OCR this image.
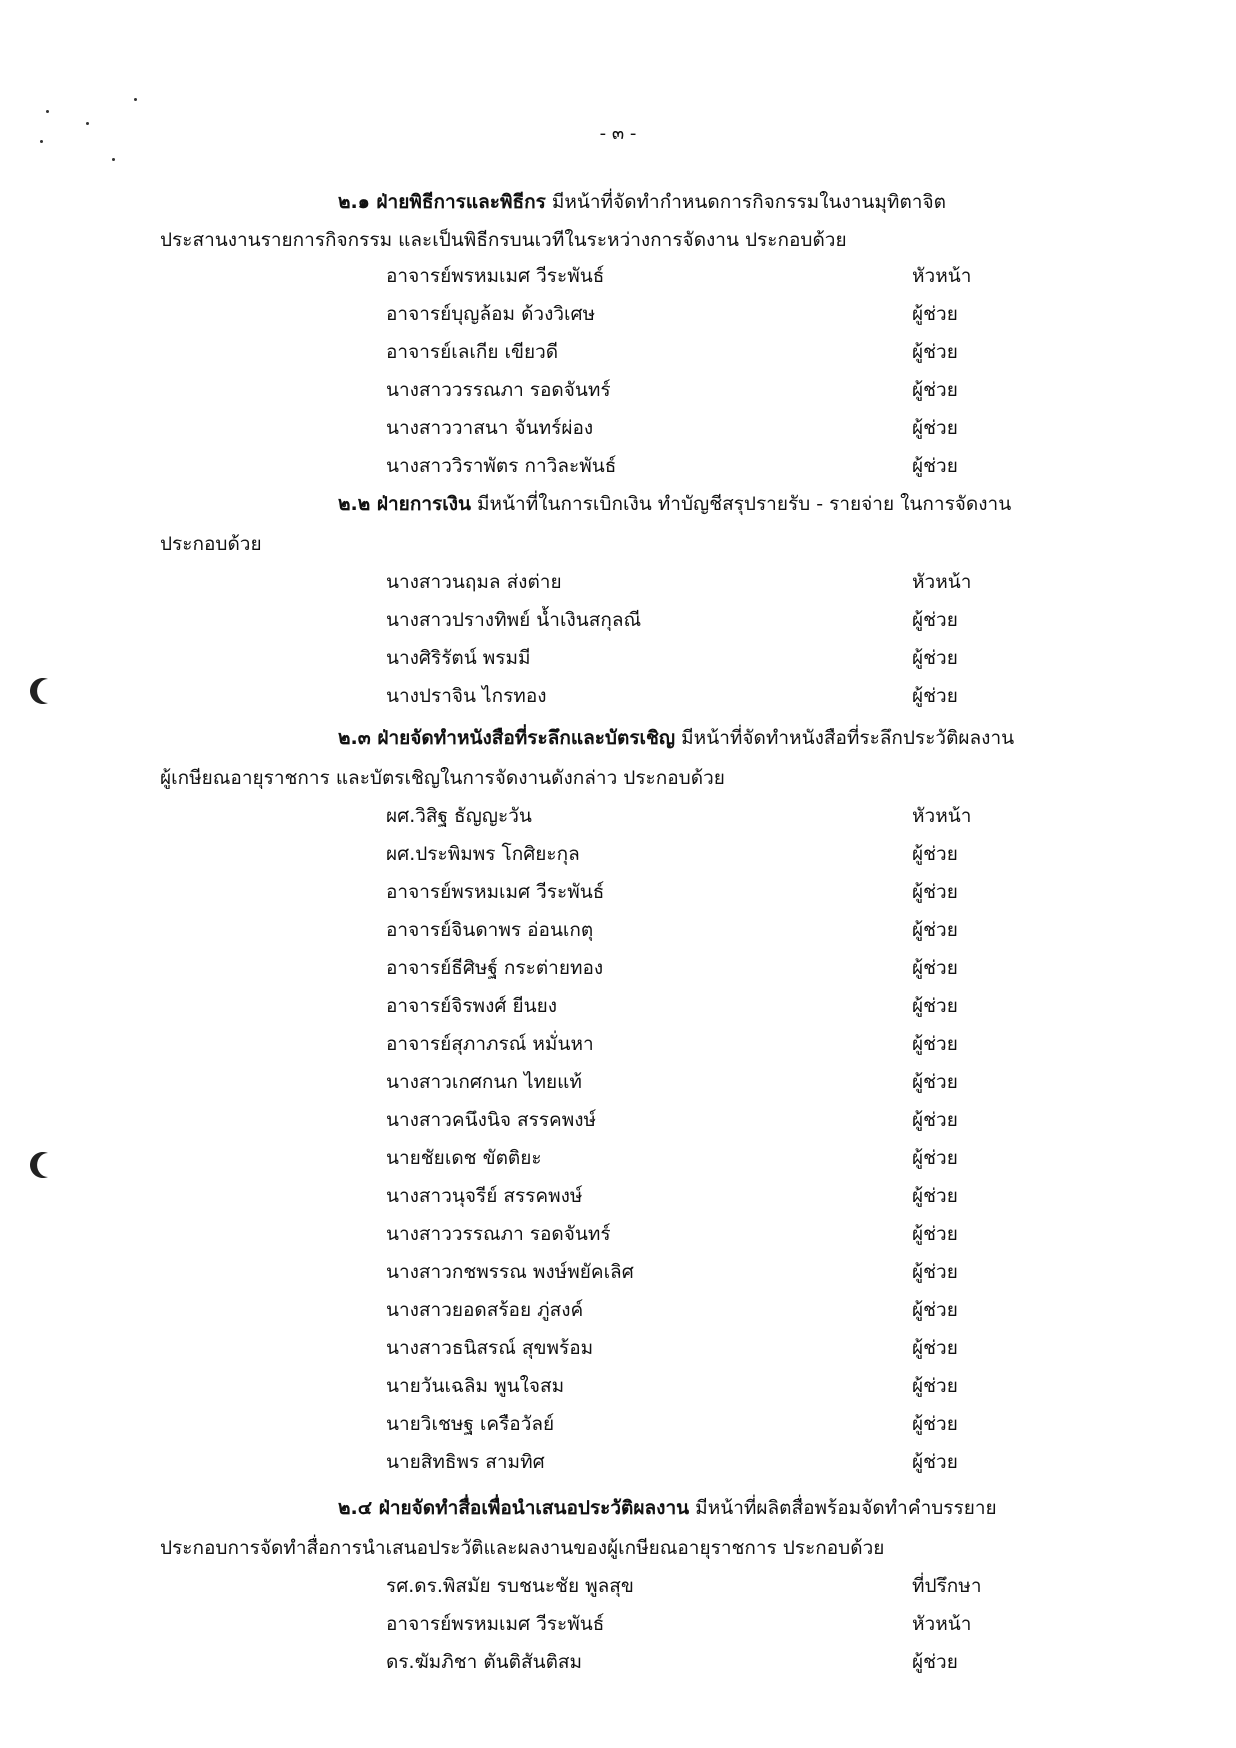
- ๓ -
๒.๑ ฝ่ายพิธีการและพิธีกร มีหน้าที่จัดทำกำหนดการกิจกรรมในงานมุทิตาจิต
ประสานงานรายการกิจกรรม และเป็นพิธีกรบนเวทีในระหว่างการจัดงาน ประกอบด้วย
อาจารย์พรหมเมศ วีระพันธ์	หัวหน้า
อาจารย์บุญล้อม ด้วงวิเศษ	ผู้ช่วย
อาจารย์เลเกีย เขียวดี	ผู้ช่วย
นางสาววรรณภา รอดจันทร์	ผู้ช่วย
นางสาววาสนา จันทร์ผ่อง	ผู้ช่วย
นางสาววิราพัตร กาวิละพันธ์	ผู้ช่วย
๒.๒ ฝ่ายการเงิน มีหน้าที่ในการเบิกเงิน ทำบัญชีสรุปรายรับ - รายจ่าย ในการจัดงาน
ประกอบด้วย
นางสาวนฤมล ส่งต่าย	หัวหน้า
นางสาวปรางทิพย์ น้ำเงินสกุลณี	ผู้ช่วย
นางศิริรัตน์ พรมมี	ผู้ช่วย
นางปราจิน ไกรทอง	ผู้ช่วย
๒.๓ ฝ่ายจัดทำหนังสือที่ระลึกและบัตรเชิญ มีหน้าที่จัดทำหนังสือที่ระลึกประวัติผลงาน
ผู้เกษียณอายุราชการ และบัตรเชิญในการจัดงานดังกล่าว ประกอบด้วย
ผศ.วิสิฐ ธัญญะวัน	หัวหน้า
ผศ.ประพิมพร โกศิยะกุล	ผู้ช่วย
อาจารย์พรหมเมศ วีระพันธ์	ผู้ช่วย
อาจารย์จินดาพร อ่อนเกตุ	ผู้ช่วย
อาจารย์ธีศิษฐ์ กระต่ายทอง	ผู้ช่วย
อาจารย์จิรพงศ์ ยีนยง	ผู้ช่วย
อาจารย์สุภาภรณ์ หมั่นหา	ผู้ช่วย
นางสาวเกศกนก ไทยแท้	ผู้ช่วย
นางสาวคนึงนิจ สรรคพงษ์	ผู้ช่วย
นายชัยเดช ขัตติยะ	ผู้ช่วย
นางสาวนุจรีย์ สรรคพงษ์	ผู้ช่วย
นางสาววรรณภา รอดจันทร์	ผู้ช่วย
นางสาวกชพรรณ พงษ์พยัคเลิศ	ผู้ช่วย
นางสาวยอดสร้อย ภู่สงค์	ผู้ช่วย
นางสาวธนิสรณ์ สุขพร้อม	ผู้ช่วย
นายวันเฉลิม พูนใจสม	ผู้ช่วย
นายวิเชษฐ เครือวัลย์	ผู้ช่วย
นายสิทธิพร สามทิศ	ผู้ช่วย
๒.๔ ฝ่ายจัดทำสื่อเพื่อนำเสนอประวัติผลงาน มีหน้าที่ผลิตสื่อพร้อมจัดทำคำบรรยาย
ประกอบการจัดทำสื่อการนำเสนอประวัติและผลงานของผู้เกษียณอายุราชการ ประกอบด้วย
รศ.ดร.พิสมัย รบชนะชัย พูลสุข	ที่ปรึกษา
อาจารย์พรหมเมศ วีระพันธ์	หัวหน้า
ดร.ฆัมภิชา ตันติสันติสม	ผู้ช่วย
